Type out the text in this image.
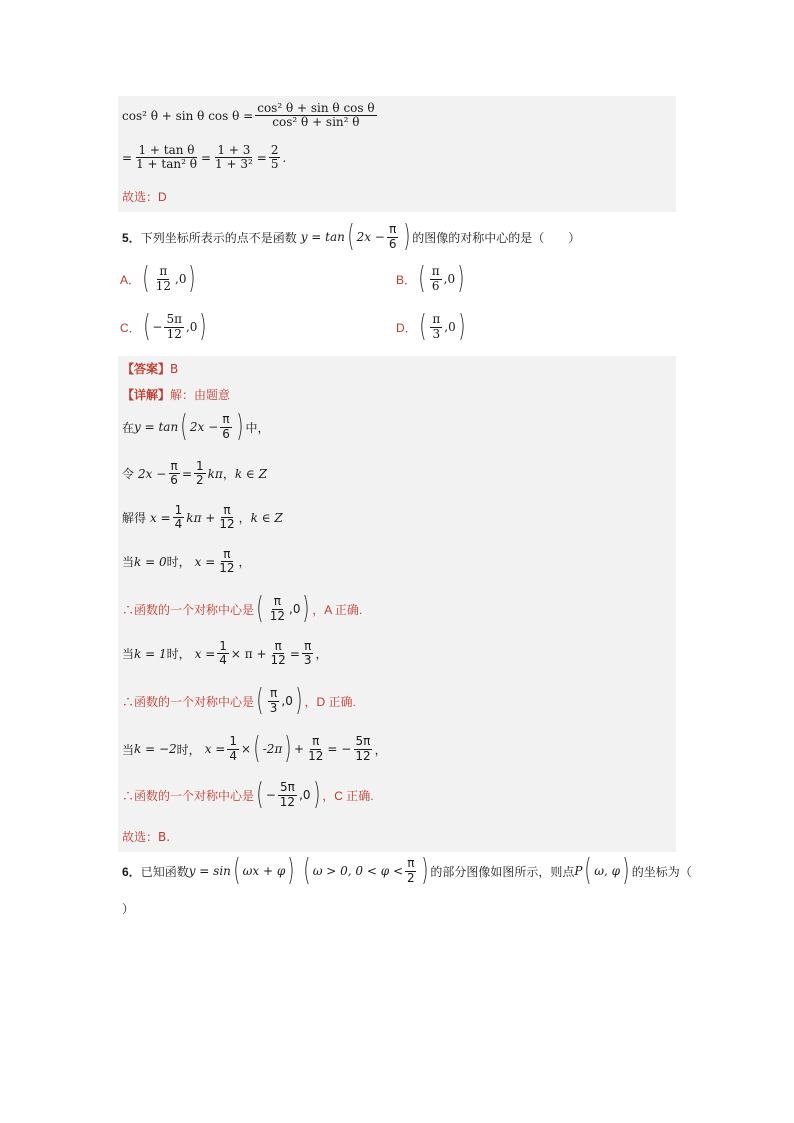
cos² θ + sin θ $\cos \theta = \frac{\text{cos² θ + sin θ cos θ}}{\text{cos² θ + sin² θ}}$
= $\frac{\text{1 + tan θ}}{\text{1 + tan² θ}} = \frac{1 + 3}{\text{1 + 3²}} = \frac{2}{5}$ .
故选：D
5． 下列坐标所表示的点不是函数 y = tan ( $2x - \frac{\pi}{6}$ ) 的图像的对称中心的是（　　）
A． ( $\frac{\pi}{12} ,0$ )	B． ( $\frac{\pi}{6} ,0$ )
C． ( − $\frac{5\pi}{12} ,0$ )	D． ( $\frac{\pi}{3} ,0$ )
【答案】 B
【详解】 解：由题意
在 y = tan ( $2x - \frac{\pi}{6}$ ) 中，
令 $2x - \frac{\pi}{6} = \frac{1}{2}$ kπ ， k ∈ Z
解得 $x = \frac{1}{4}$ $k\pi + \frac{\pi}{12}$ ， k ∈ Z
当 k = 0 时， $x = \frac{\pi}{12}$ ，
∴函数的一个对称中心是 ( $\frac{\pi}{12} ,0$ ) ，A 正确.
当 k = 1 时， $x = \frac{1}{4} \times \pi + \frac{\pi}{12} = \frac{\pi}{3}$ ，
∴函数的一个对称中心是 ( $\frac{\pi}{3} ,0$ ) ，D 正确.
当 k = −2 时， $x = \frac{1}{4}$ × ( -2π ) + $\frac{\pi}{12}$ = − $\frac{5\pi}{12}$ ，
∴函数的一个对称中心是 ( − $\frac{5\pi}{12} ,0$ ) ，C 正确.
故选：B.
6． 已知函数 y = sin ( ωx + φ ) ( ω > 0, $0 < \varphi < \frac{\pi}{2}$ ) 的部分图像如图所示，则点 P ( ω, φ ) 的坐标为（
）
